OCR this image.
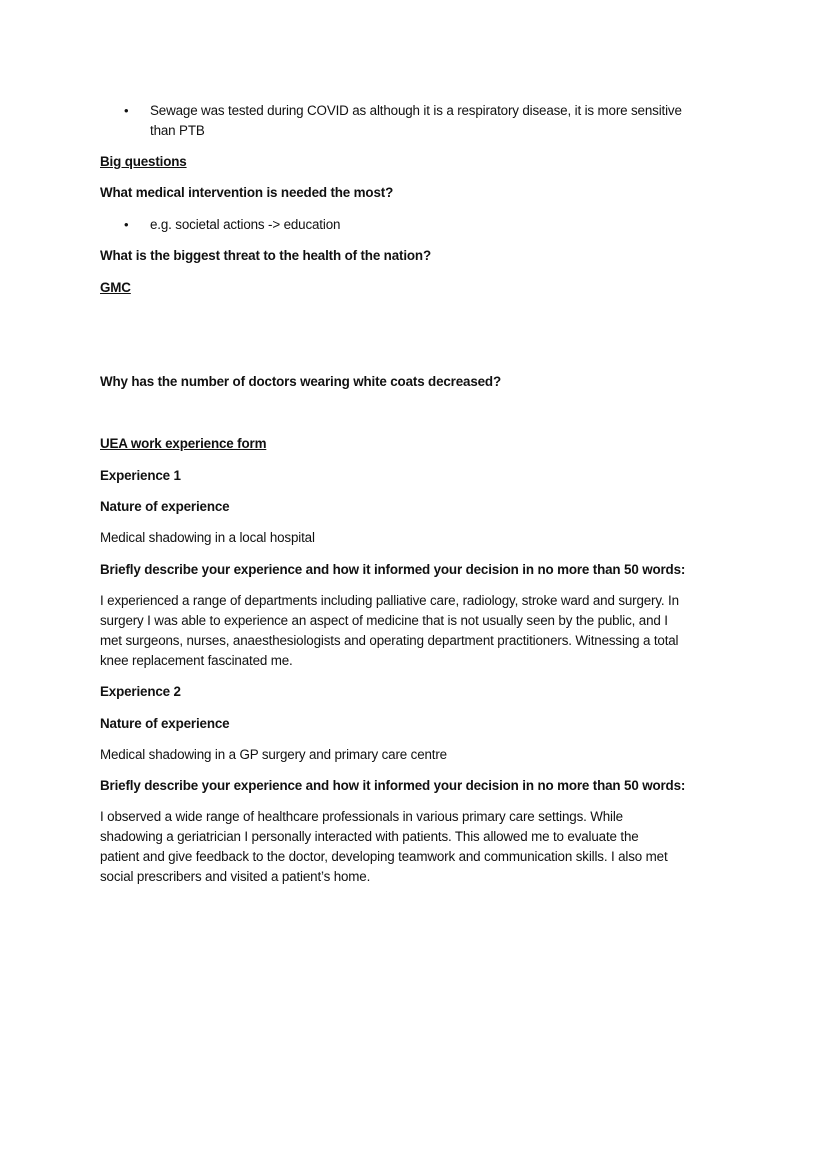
• Sewage was tested during COVID as although it is a respiratory disease, it is more sensitive
than PTB
Big questions
What medical intervention is needed the most?
• e.g. societal actions -> education
What is the biggest threat to the health of the nation?
GMC
Why has the number of doctors wearing white coats decreased?
UEA work experience form
Experience 1
Nature of experience
Medical shadowing in a local hospital
Briefly describe your experience and how it informed your decision in no more than 50 words:
I experienced a range of departments including palliative care, radiology, stroke ward and surgery. In
surgery I was able to experience an aspect of medicine that is not usually seen by the public, and I
met surgeons, nurses, anaesthesiologists and operating department practitioners. Witnessing a total
knee replacement fascinated me.
Experience 2
Nature of experience
Medical shadowing in a GP surgery and primary care centre
Briefly describe your experience and how it informed your decision in no more than 50 words:
I observed a wide range of healthcare professionals in various primary care settings. While
shadowing a geriatrician I personally interacted with patients. This allowed me to evaluate the
patient and give feedback to the doctor, developing teamwork and communication skills. I also met
social prescribers and visited a patient’s home.
